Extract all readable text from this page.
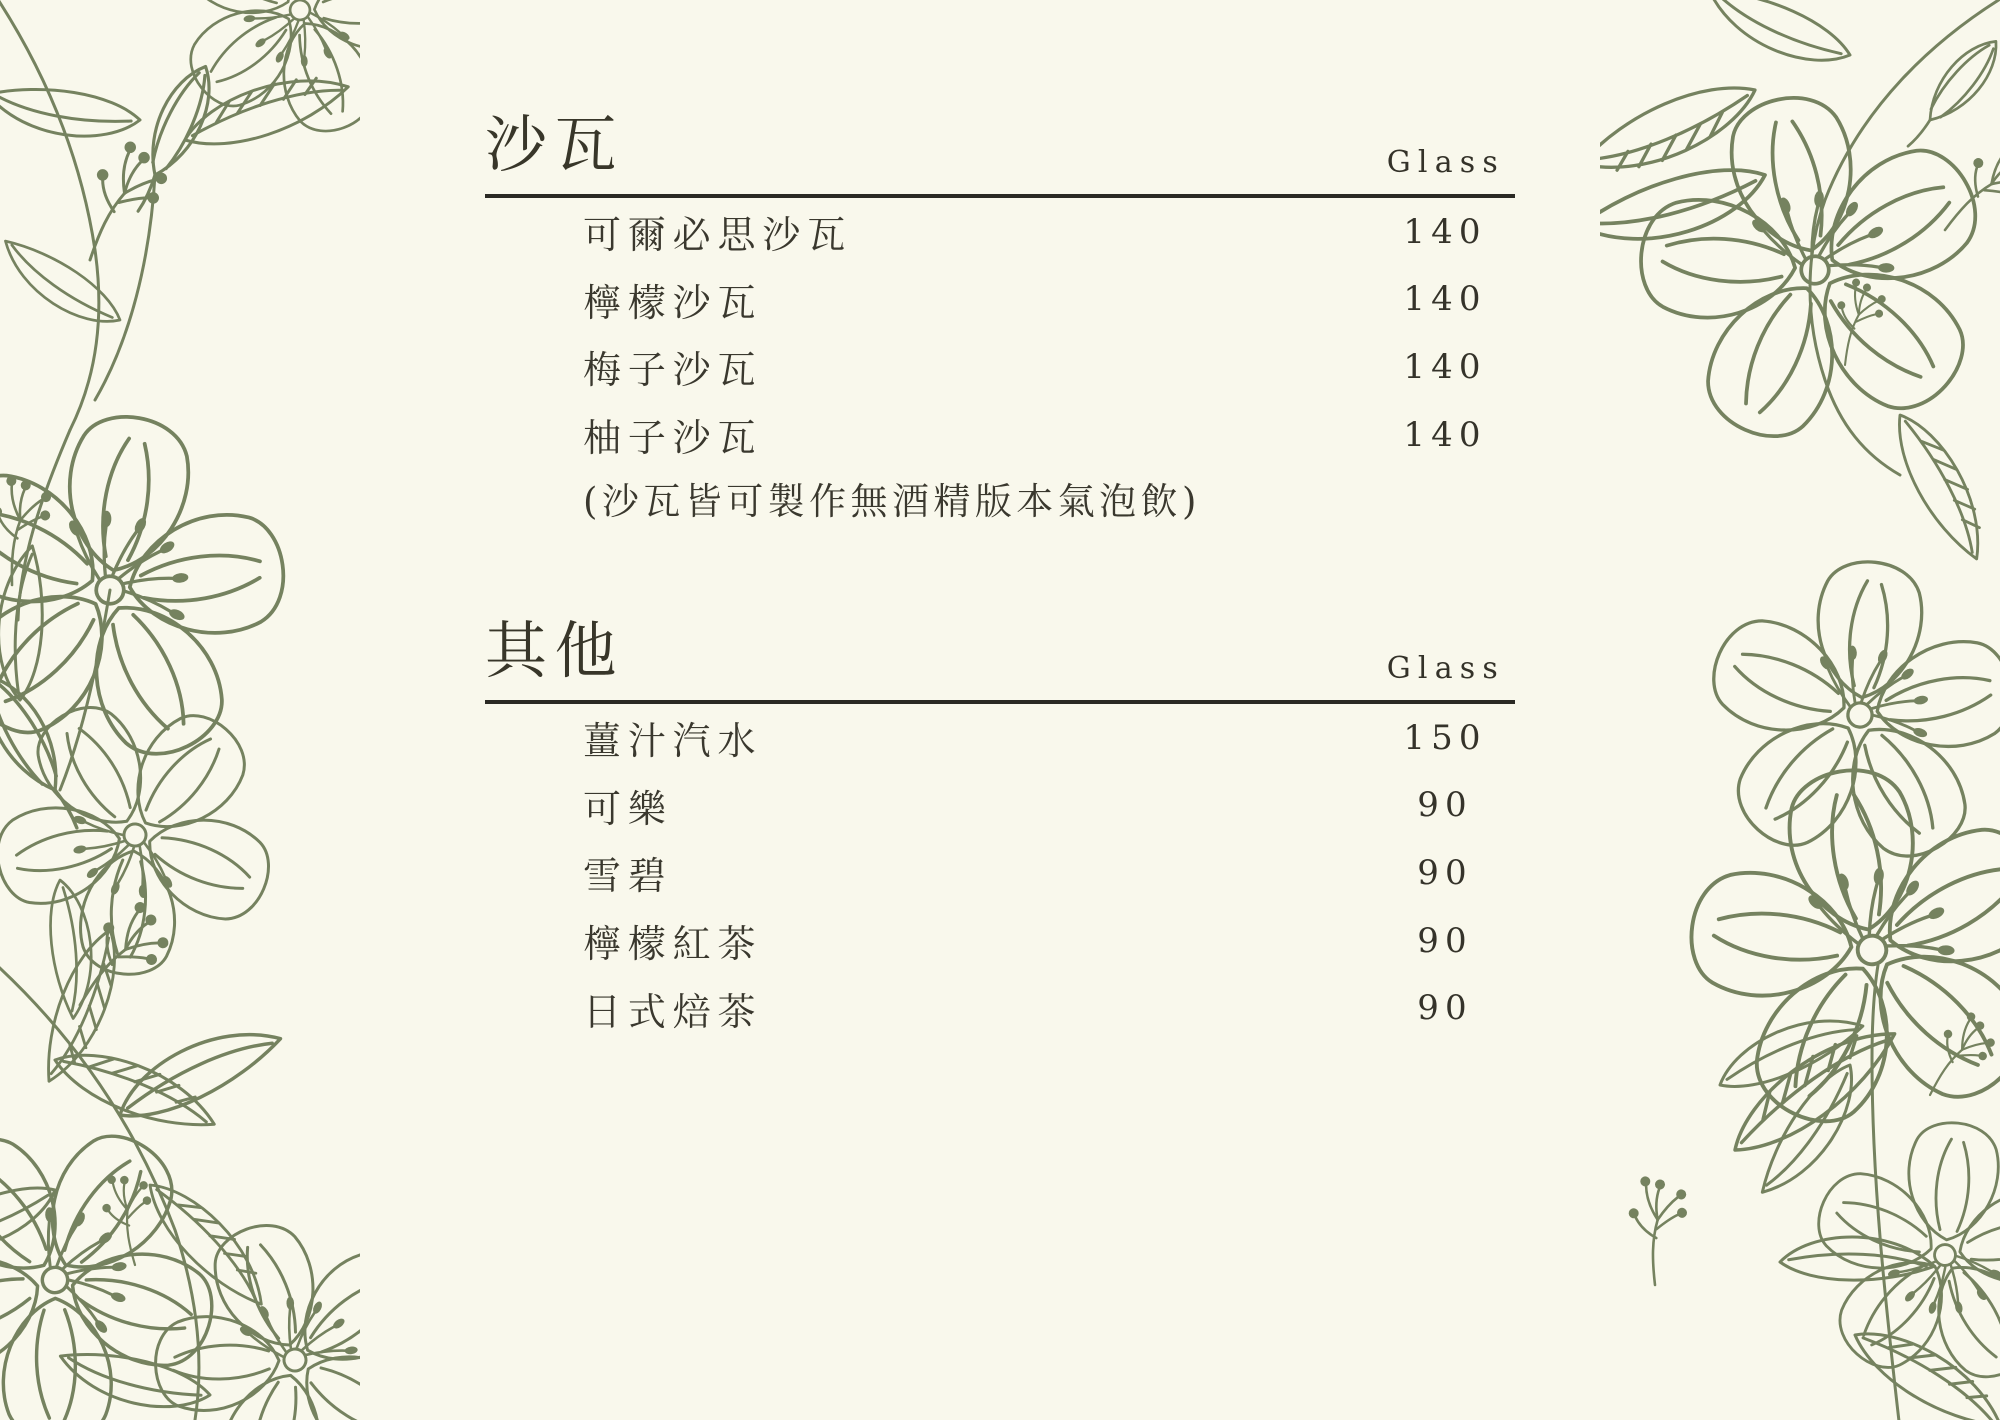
沙瓦	Glass
可爾必思沙瓦	140
檸檬沙瓦	140
梅子沙瓦	140
柚子沙瓦	140

(沙瓦皆可製作無酒精版本氣泡飲)

其他	Glass
薑汁汽水	150
可樂	90
雪碧	90
檸檬紅茶	90
日式焙茶	90
